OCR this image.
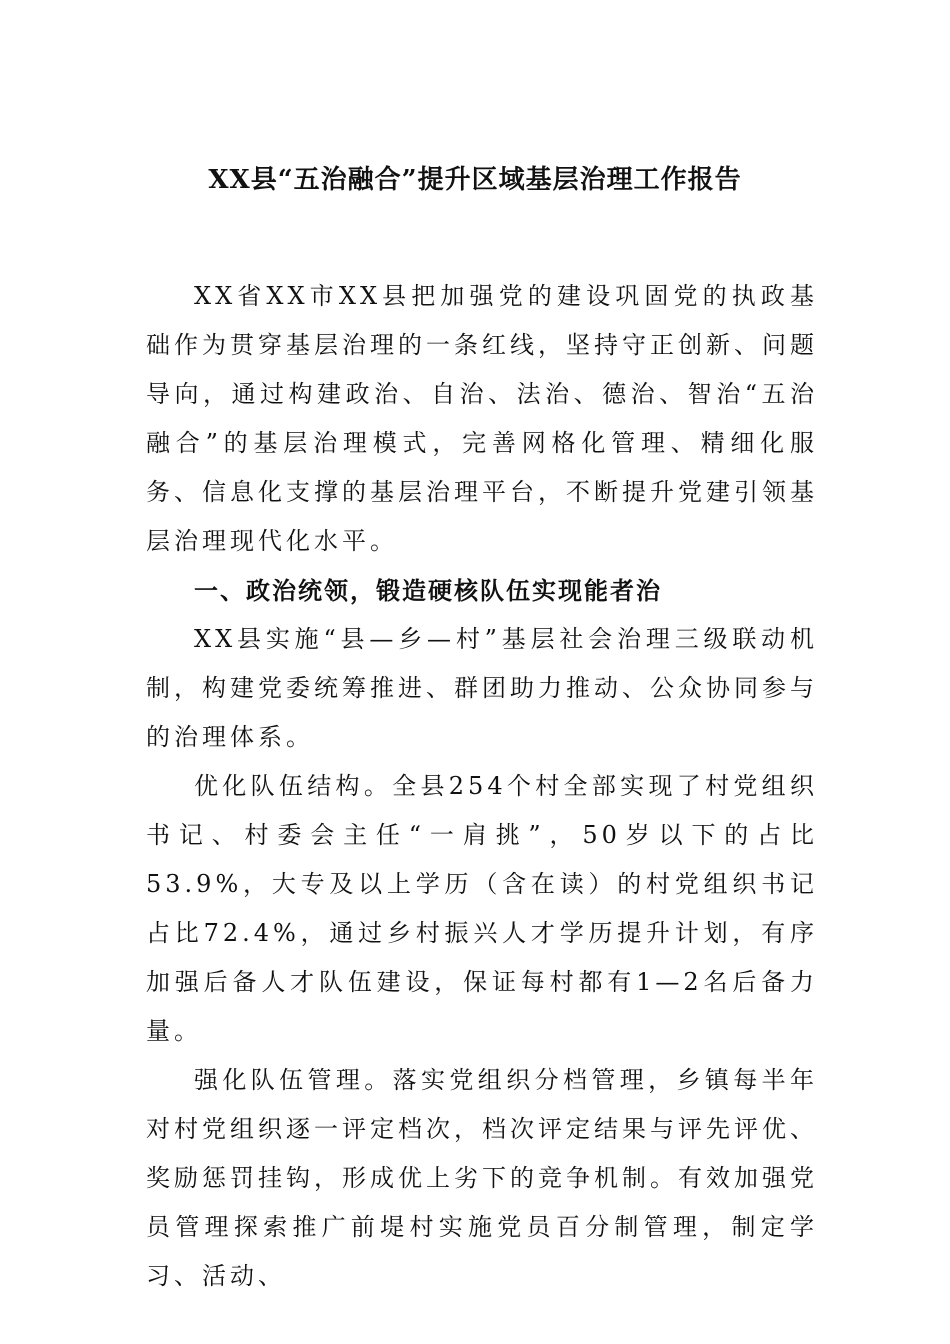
XX县“五治融合”提升区域基层治理工作报告

XX省XX市XX县把加强党的建设巩固党的执政基础作为贯穿基层治理的一条红线，坚持守正创新、问题导向，通过构建政治、自治、法治、德治、智治“五治融合”的基层治理模式，完善网格化管理、精细化服务、信息化支撑的基层治理平台，不断提升党建引领基层治理现代化水平。

一、政治统领，锻造硬核队伍实现能者治

XX县实施“县—乡—村”基层社会治理三级联动机制，构建党委统筹推进、群团助力推动、公众协同参与的治理体系。

优化队伍结构。全县254个村全部实现了村党组织书记、村委会主任“一肩挑”，50岁以下的占比53.9%，大专及以上学历（含在读）的村党组织书记占比72.4%，通过乡村振兴人才学历提升计划，有序加强后备人才队伍建设，保证每村都有1—2名后备力量。

强化队伍管理。落实党组织分档管理，乡镇每半年对村党组织逐一评定档次，档次评定结果与评先评优、奖励惩罚挂钩，形成优上劣下的竞争机制。有效加强党员管理探索推广前堤村实施党员百分制管理，制定学习、活动、
